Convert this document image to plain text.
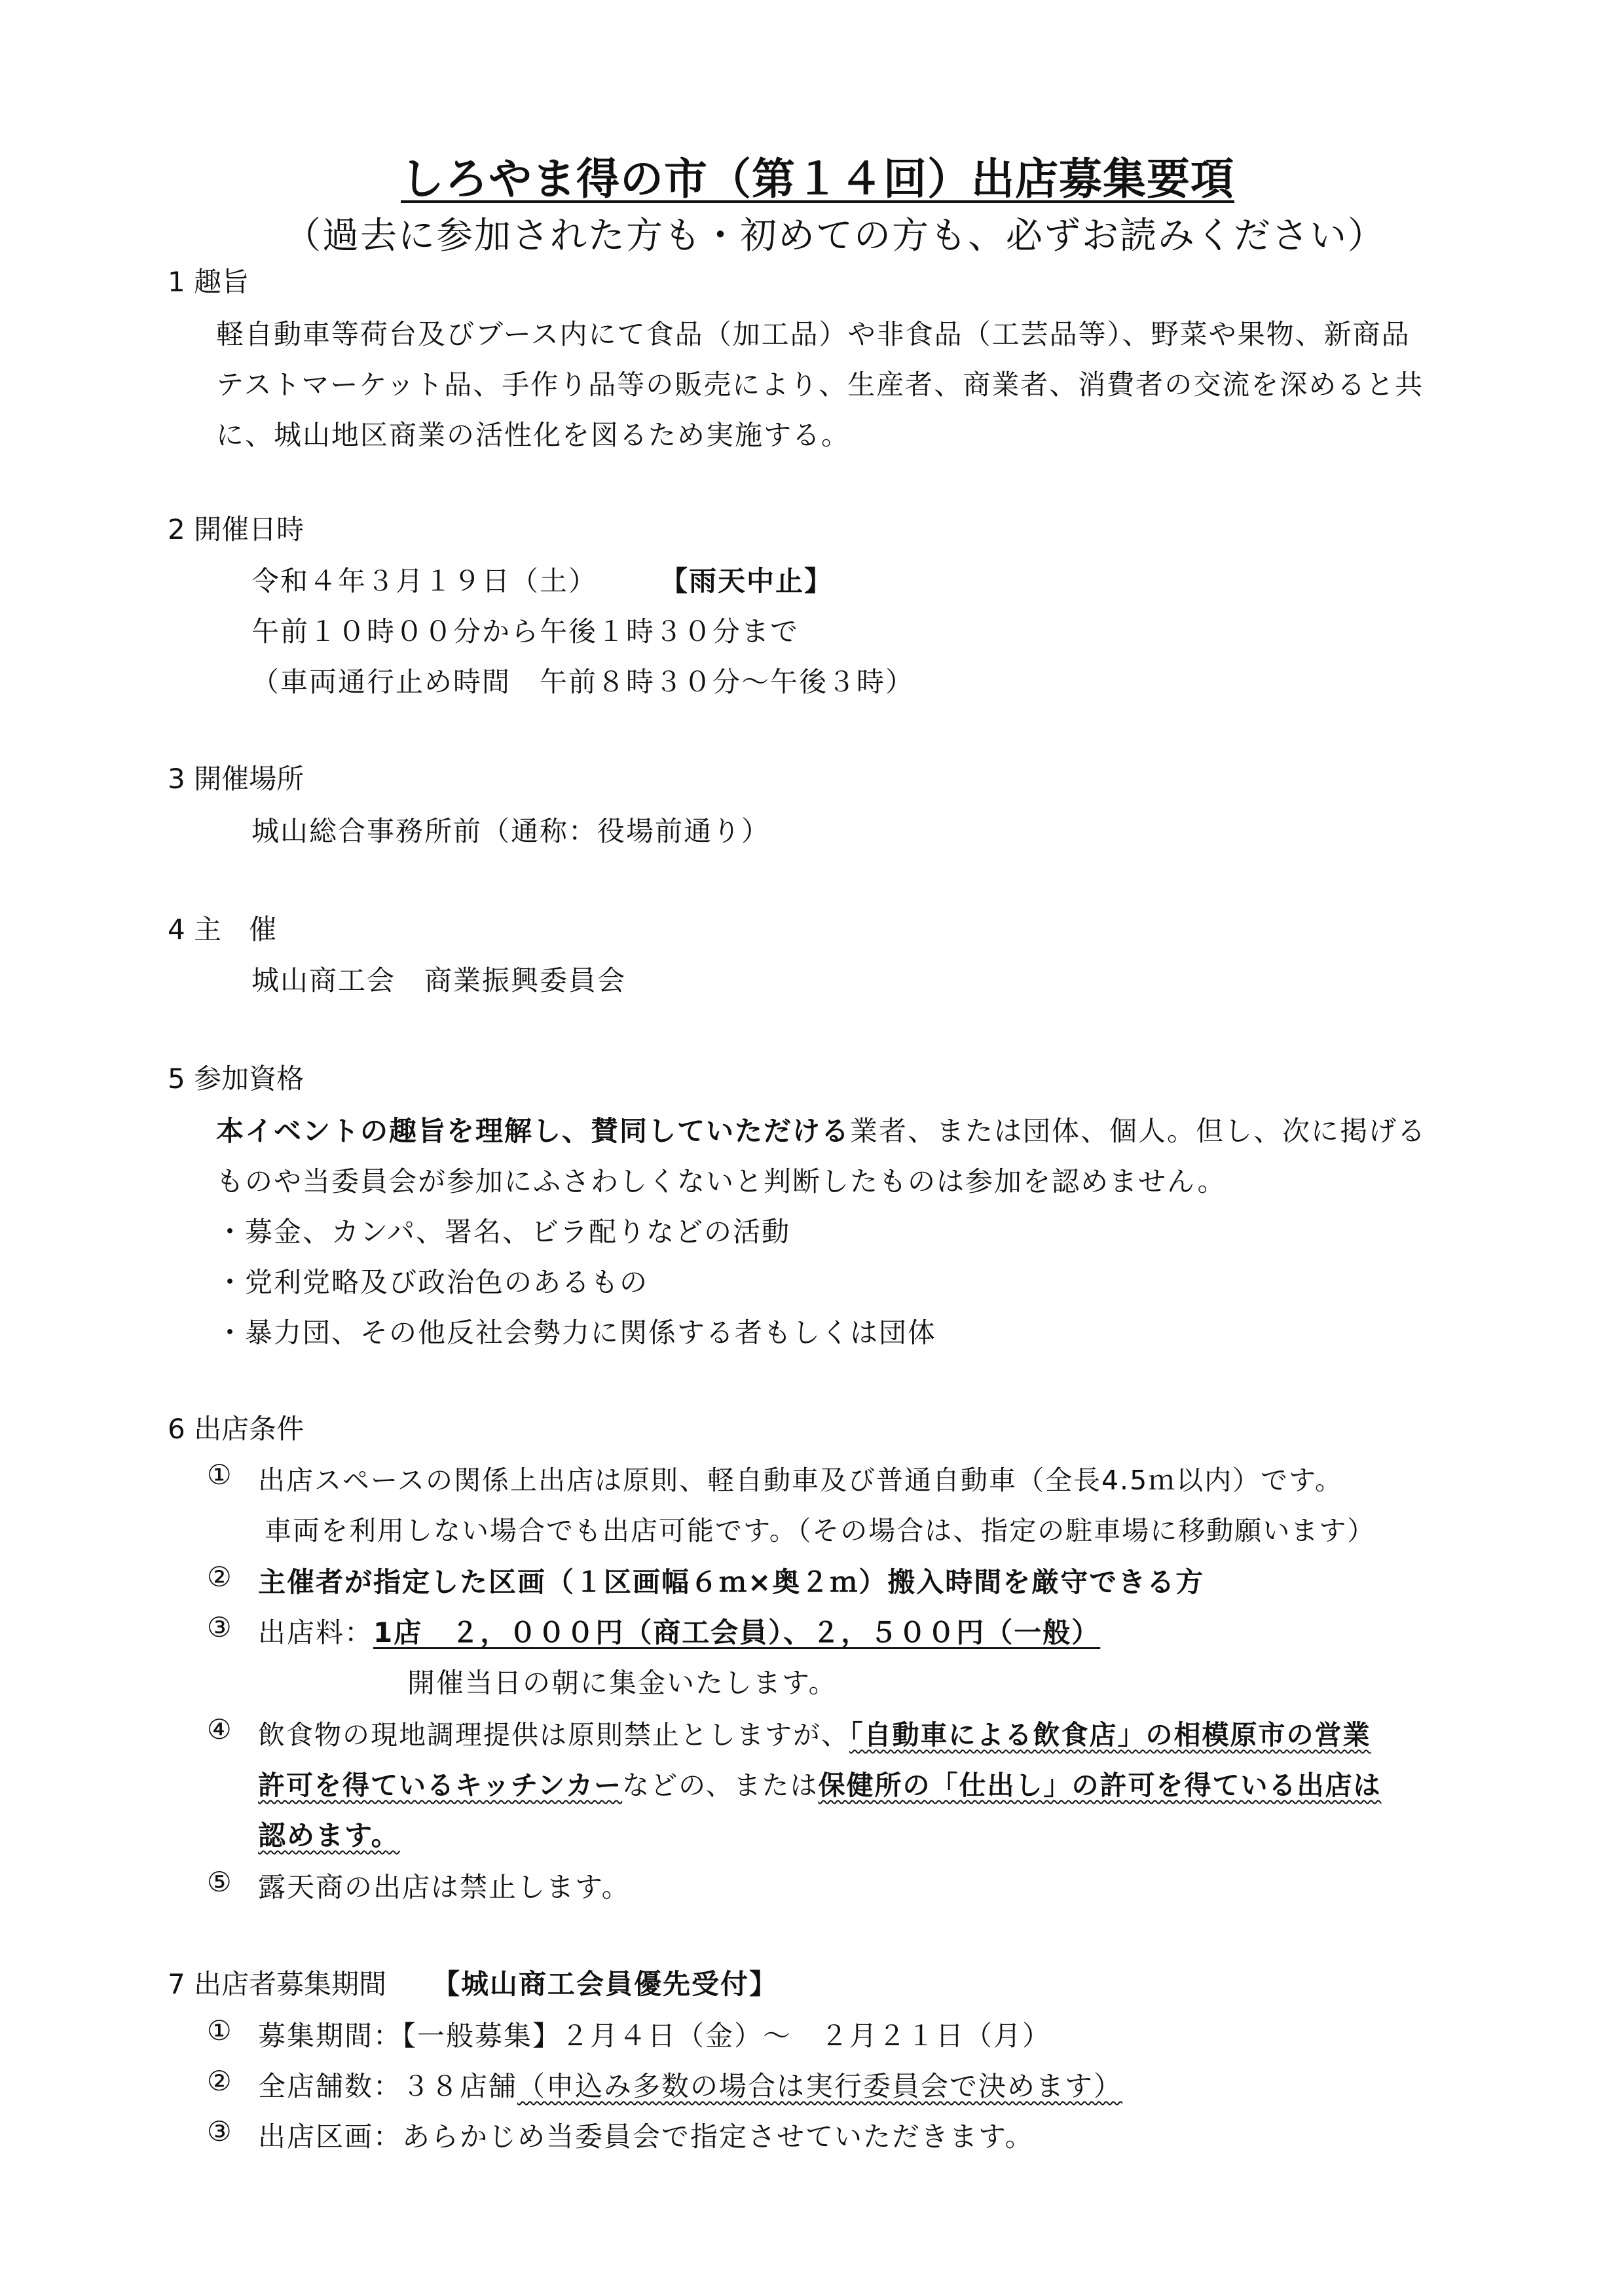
しろやま得の市（第１４回）出店募集要項
（過去に参加された方も・初めての方も、必ずお読みください）
1 趣旨
軽自動車等荷台及びブース内にて食品（加工品）や非食品（工芸品等）、野菜や果物、新商品
テストマーケット品、手作り品等の販売により、生産者、商業者、消費者の交流を深めると共
に、城山地区商業の活性化を図るため実施する。
2 開催日時
令和４年３月１９日（土） 【雨天中止】
午前１０時００分から午後１時３０分まで
（車両通行止め時間　午前８時３０分～午後３時）
3 開催場所
城山総合事務所前（通称：役場前通り）
4 主　催
城山商工会　商業振興委員会
5 参加資格
本イベントの趣旨を理解し、賛同していただける業者、または団体、個人。但し、次に掲げる
ものや当委員会が参加にふさわしくないと判断したものは参加を認めません。
・募金、カンパ、署名、ビラ配りなどの活動
・党利党略及び政治色のあるもの
・暴力団、その他反社会勢力に関係する者もしくは団体
6 出店条件
① 出店スペースの関係上出店は原則、軽自動車及び普通自動車（全長4.5ｍ以内）です。
車両を利用しない場合でも出店可能です。（その場合は、指定の駐車場に移動願います）
② 主催者が指定した区画（１区画幅６ｍ×奥２ｍ）搬入時間を厳守できる方
③ 出店料：1店　２，０００円（商工会員）、２，５００円（一般）
開催当日の朝に集金いたします。
④ 飲食物の現地調理提供は原則禁止としますが、「自動車による飲食店」の相模原市の営業
許可を得ているキッチンカーなどの、または保健所の「仕出し」の許可を得ている出店は
認めます。
⑤ 露天商の出店は禁止します。
7 出店者募集期間 【城山商工会員優先受付】
① 募集期間：【一般募集】２月４日（金）～　２月２１日（月）
② 全店舗数：３８店舗（申込み多数の場合は実行委員会で決めます）
③ 出店区画：あらかじめ当委員会で指定させていただきます。
